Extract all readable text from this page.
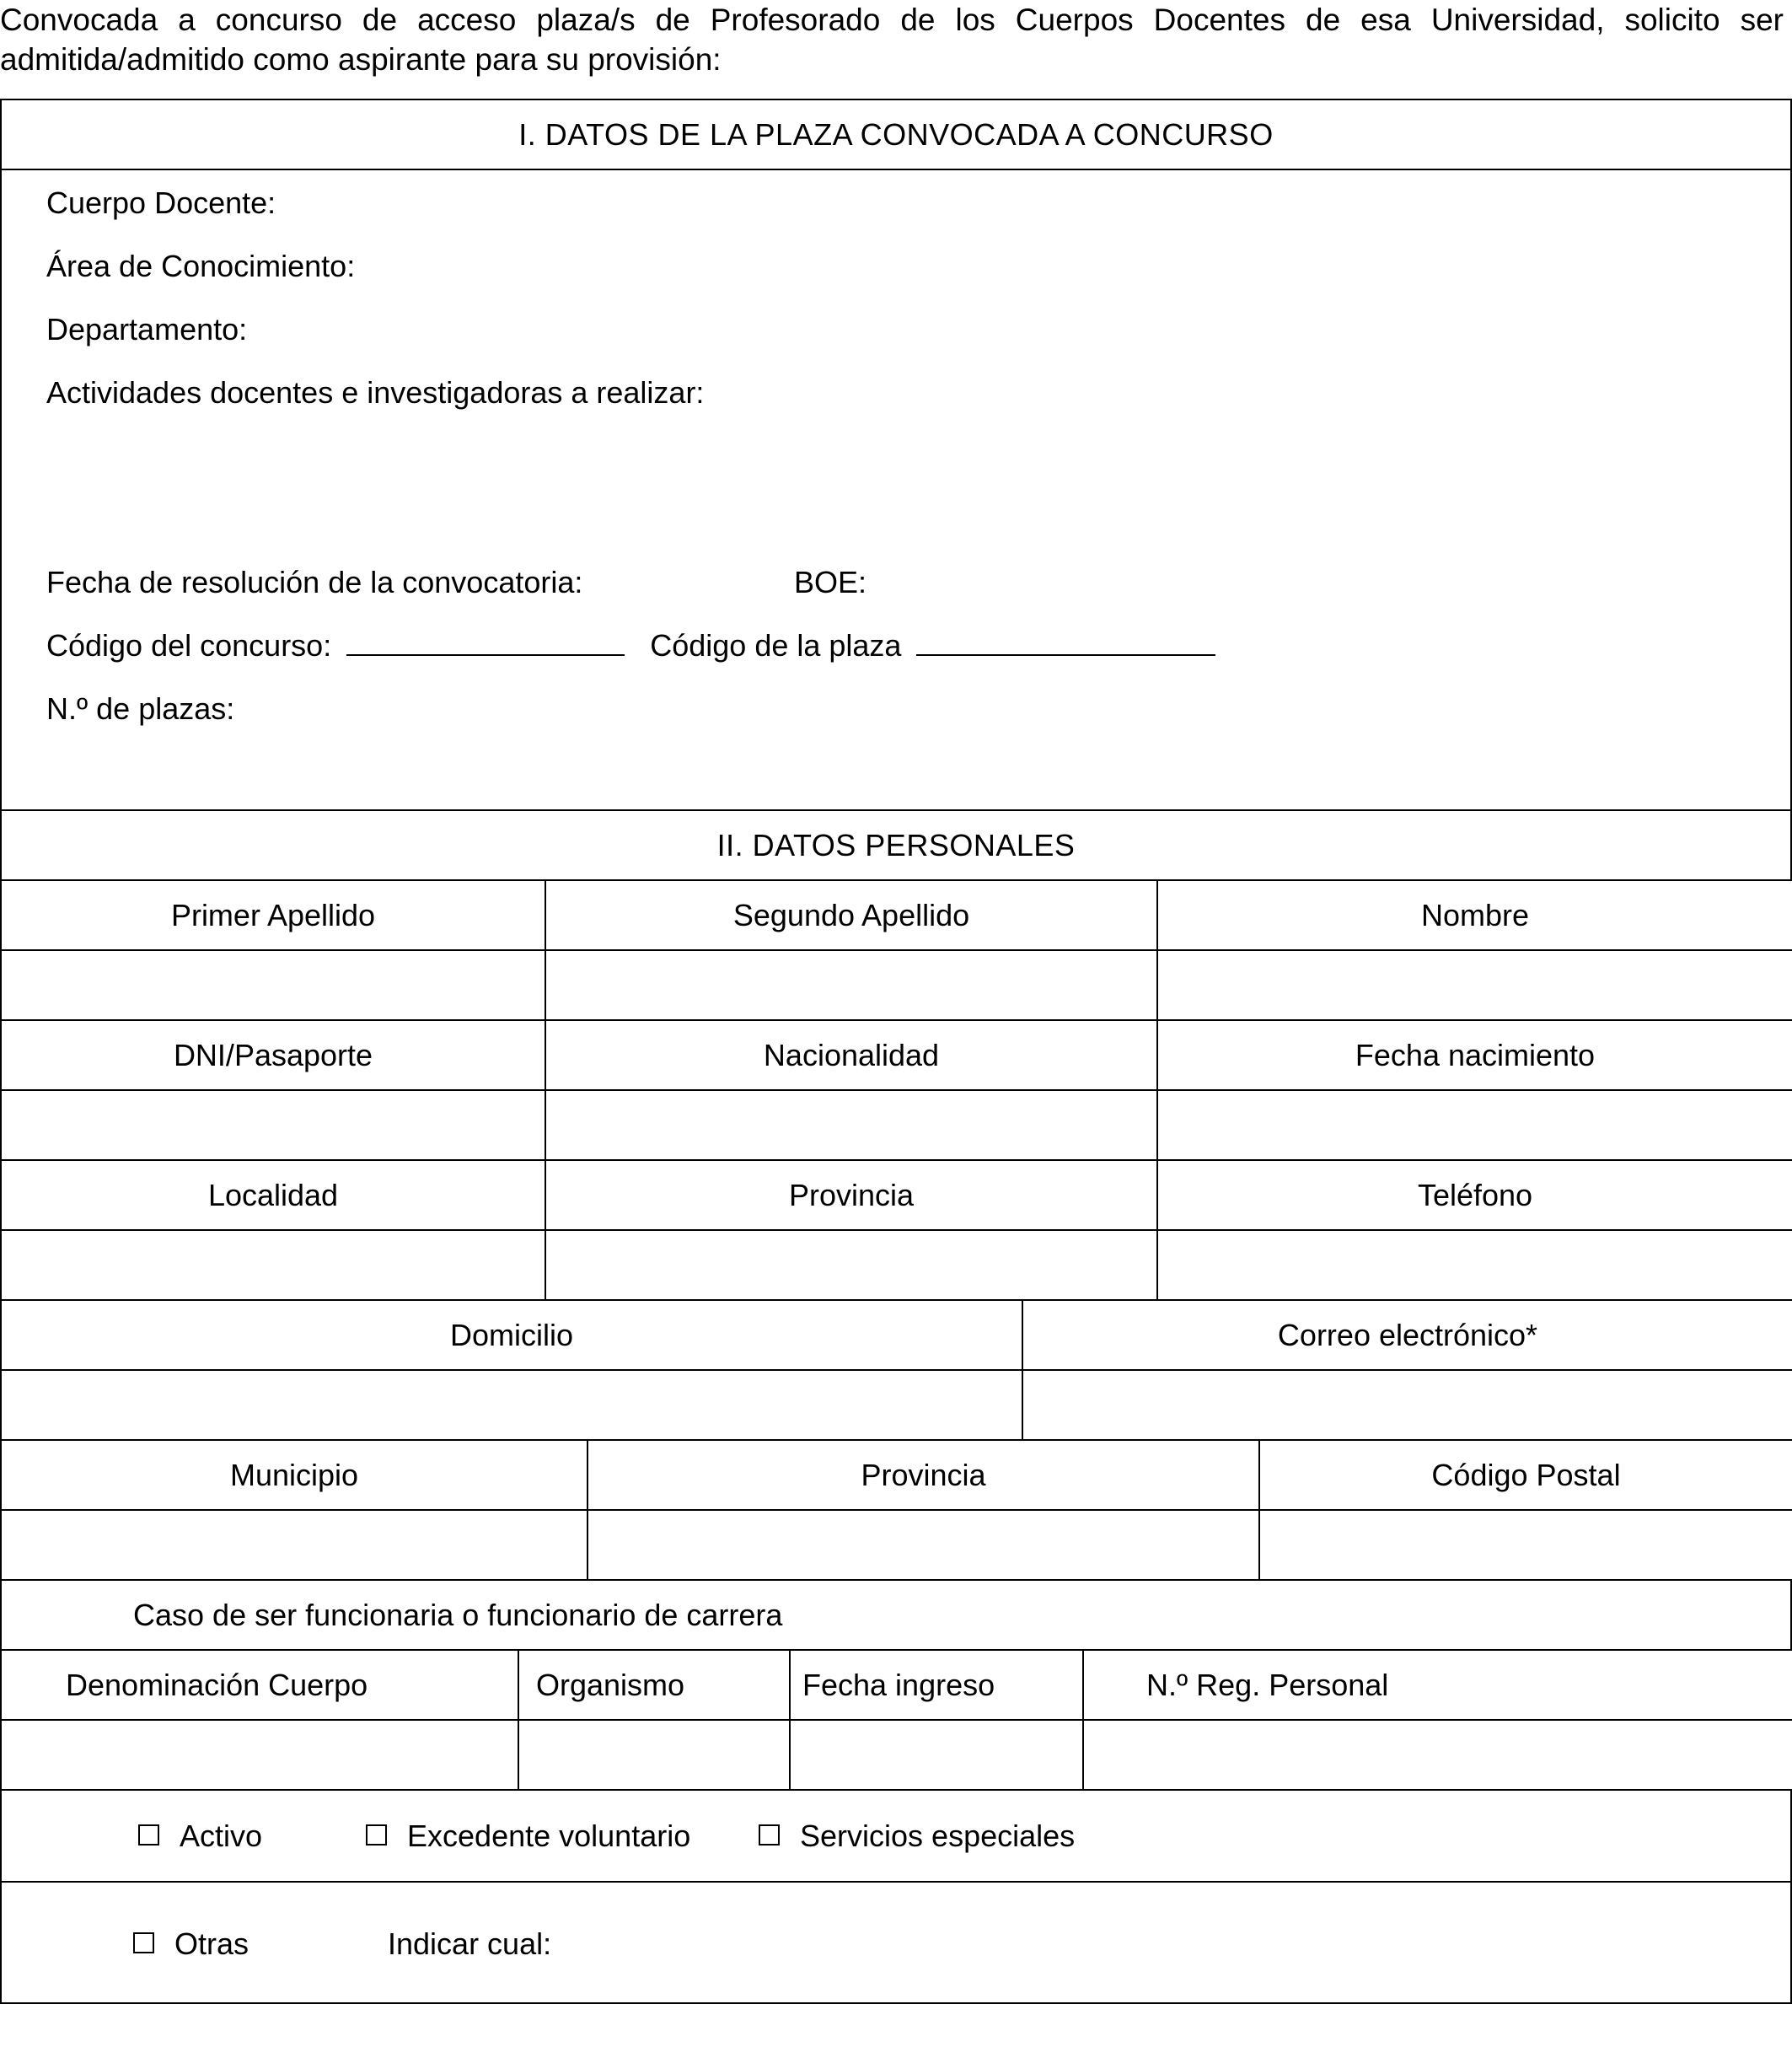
Convocada a concurso de acceso plaza/s de Profesorado de los Cuerpos Docentes de esa Universidad, solicito ser admitida/admitido como aspirante para su provisión:
I. DATOS DE LA PLAZA CONVOCADA A CONCURSO

Cuerpo Docente:
Área de Conocimiento:
Departamento:
Actividades docentes e investigadoras a realizar:
Fecha de resolución de la convocatoria:	BOE:
Código del concurso:	Código de la plaza
N.º de plazas:

II. DATOS PERSONALES
Primer Apellido	Segundo Apellido	Nombre

DNI/Pasaporte	Nacionalidad	Fecha nacimiento

Localidad	Provincia	Teléfono

Domicilio	Correo electrónico*

Municipio	Provincia	Código Postal

Caso de ser funcionaria o funcionario de carrera
Denominación Cuerpo	Organismo	Fecha ingreso	N.º Reg. Personal

Activo	Excedente voluntario	Servicios especiales

Otras	Indicar cual:
